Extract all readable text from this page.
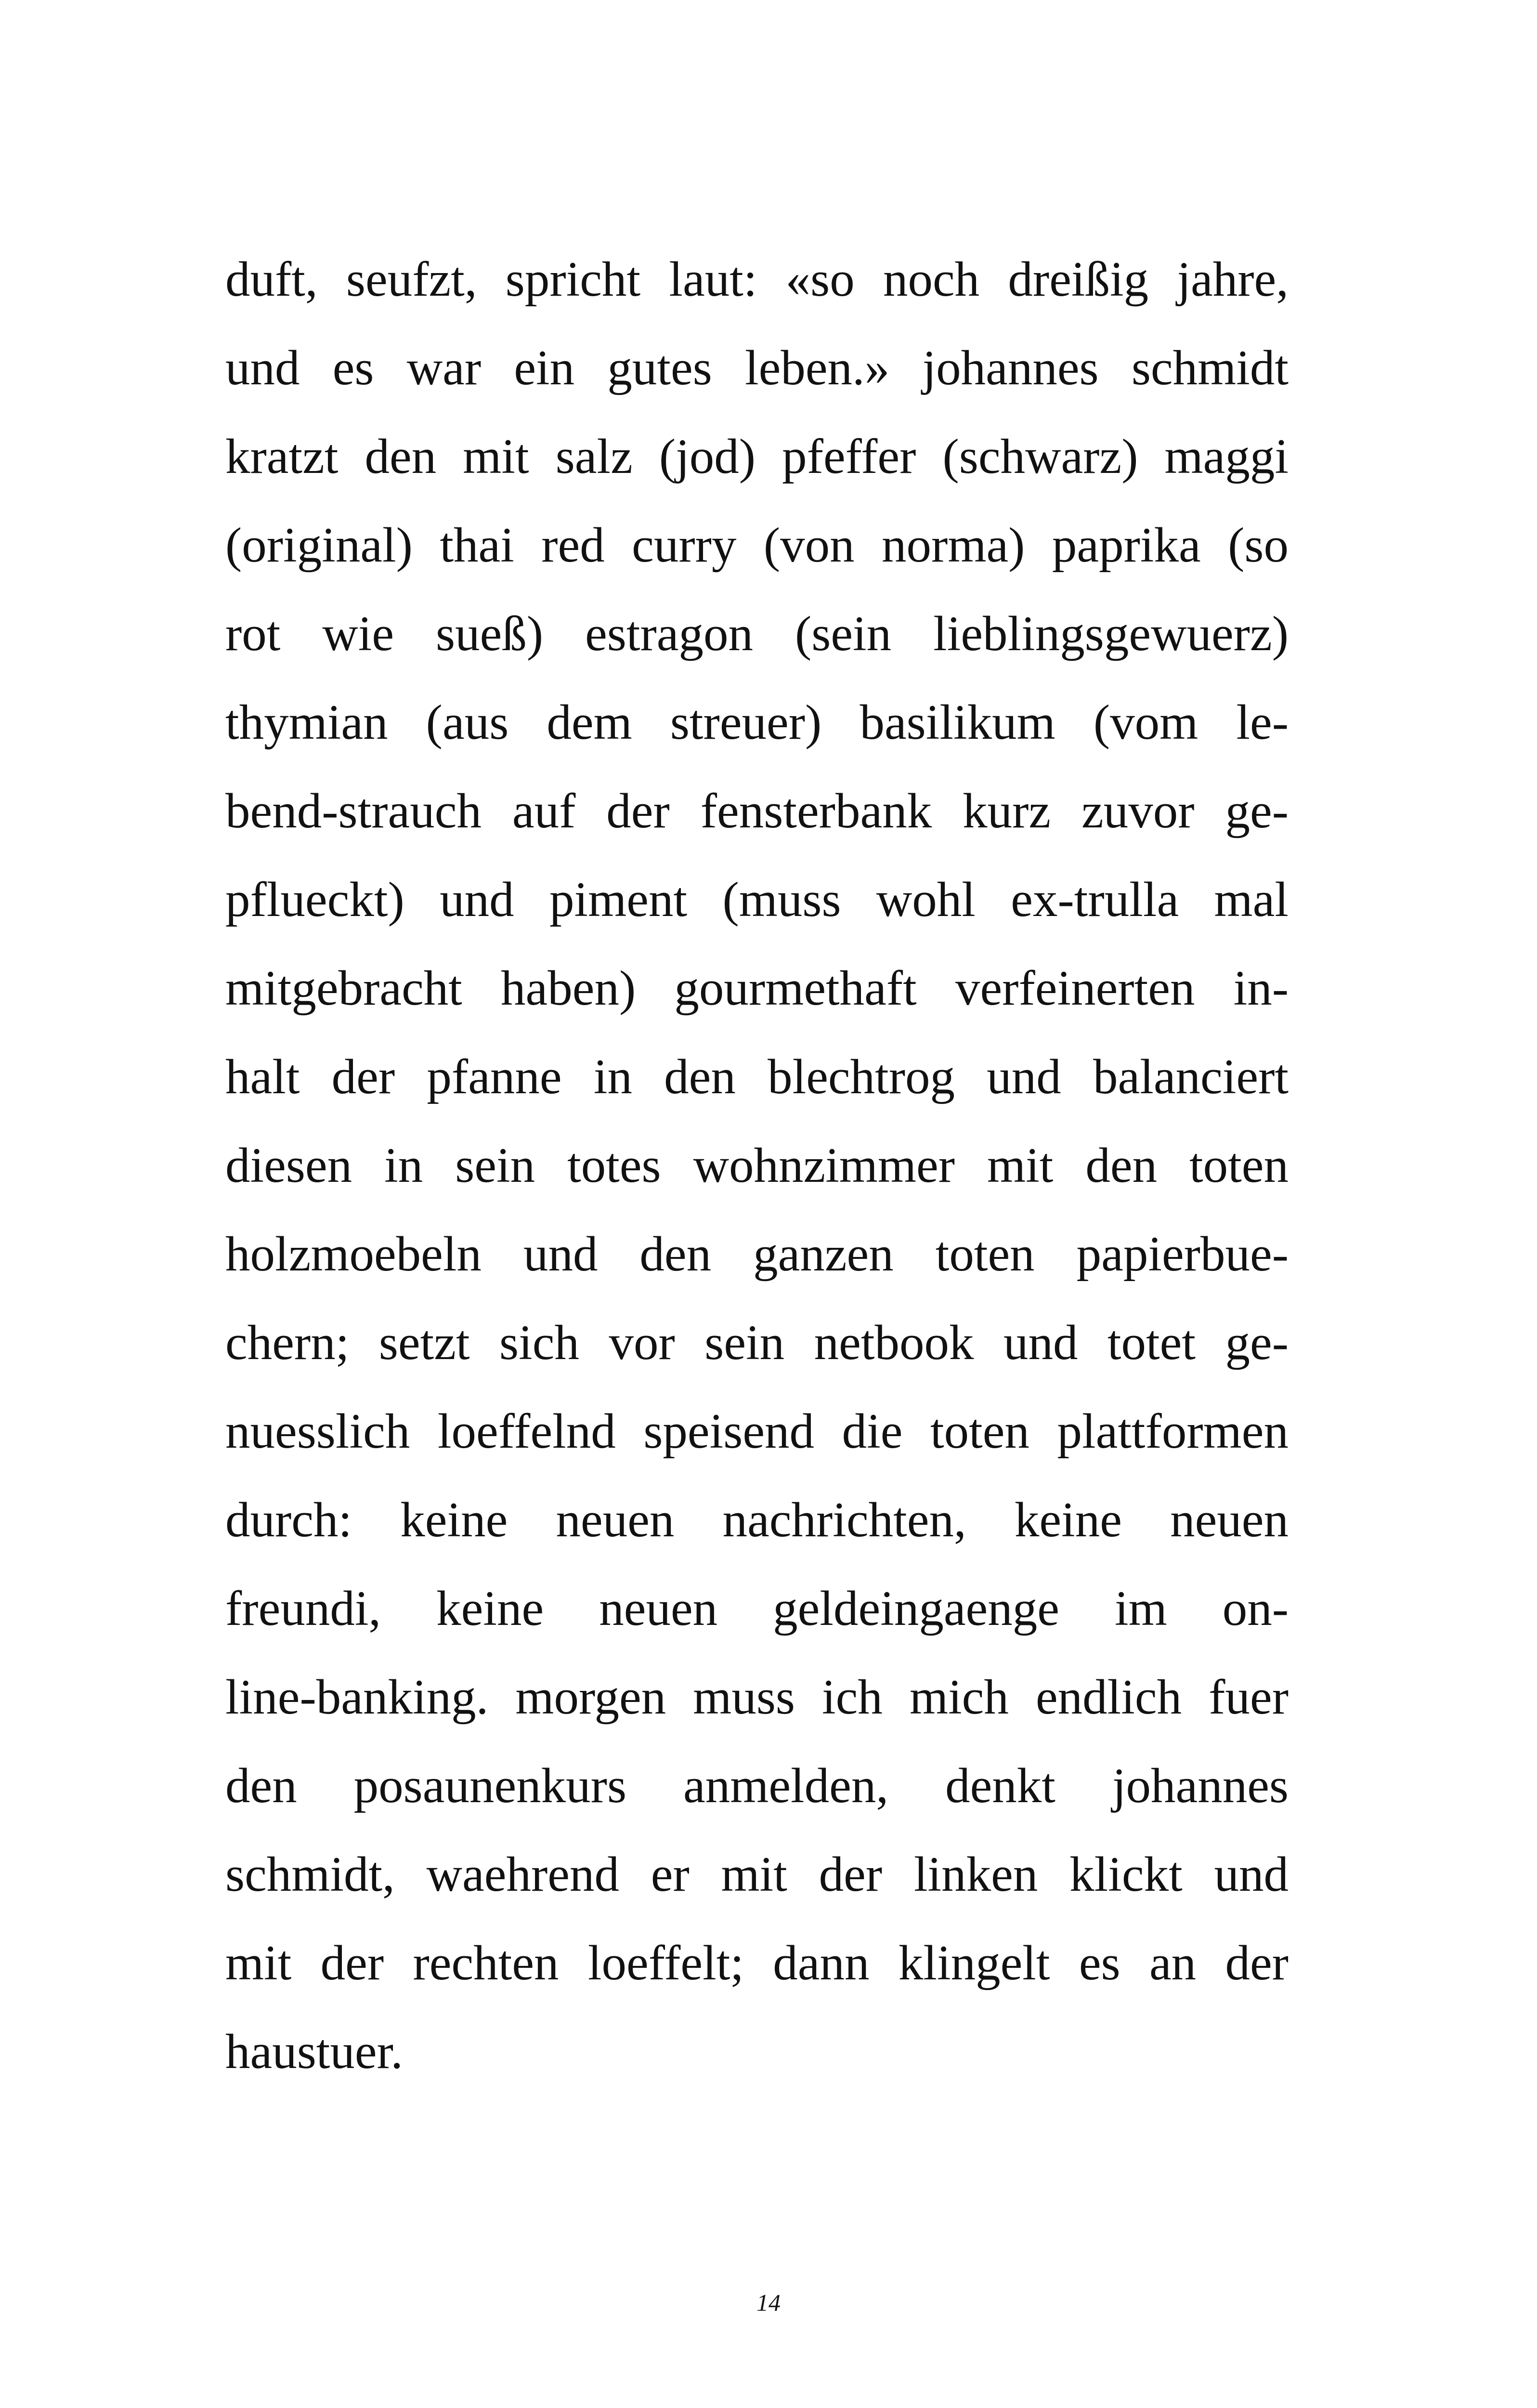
duft, seufzt, spricht laut: «so noch dreißig jahre,
und es war ein gutes leben.» johannes schmidt
kratzt den mit salz (jod) pfeffer (schwarz) maggi
(original) thai red curry (von norma) paprika (so
rot wie sueß) estragon (sein lieblingsgewuerz)
thymian (aus dem streuer) basilikum (vom le-
bend-strauch auf der fensterbank kurz zuvor ge-
pflueckt) und piment (muss wohl ex-trulla mal
mitgebracht haben) gourmethaft verfeinerten in-
halt der pfanne in den blechtrog und balanciert
diesen in sein totes wohnzimmer mit den toten
holzmoebeln und den ganzen toten papierbue-
chern; setzt sich vor sein netbook und totet ge-
nuesslich loeffelnd speisend die toten plattformen
durch: keine neuen nachrichten, keine neuen
freundi, keine neuen geldeingaenge im on-
line-banking. morgen muss ich mich endlich fuer
den posaunenkurs anmelden, denkt johannes
schmidt, waehrend er mit der linken klickt und
mit der rechten loeffelt; dann klingelt es an der
haustuer.
14
